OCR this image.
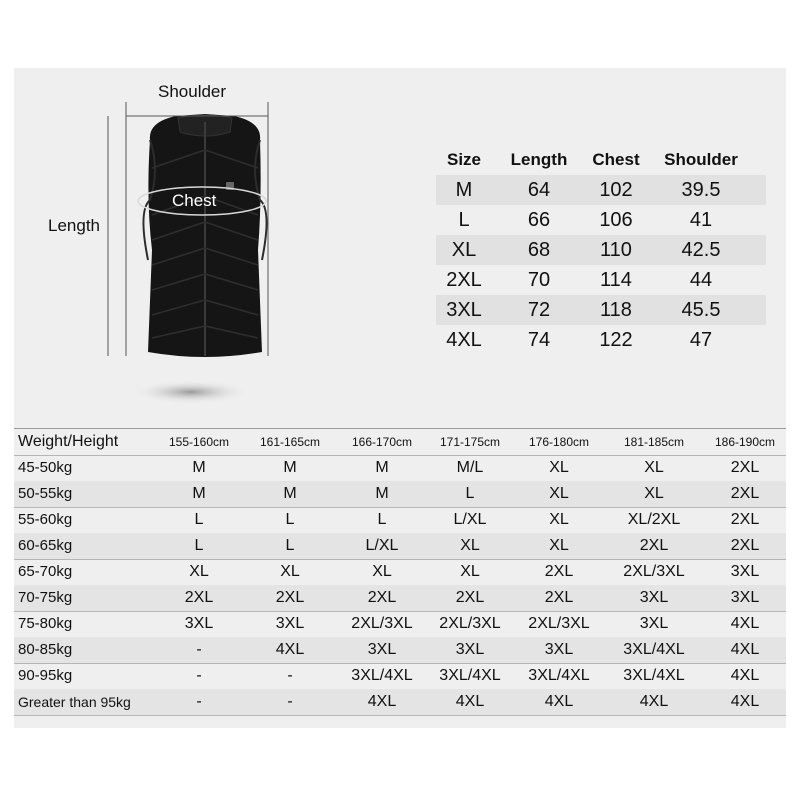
Shoulder
Length
Chest
Size	Length	Chest	Shoulder
M	64	102	39.5
L	66	106	41
XL	68	110	42.5
2XL	70	114	44
3XL	72	118	45.5
4XL	74	122	47
Weight/Height	155-160cm	161-165cm	166-170cm	171-175cm	176-180cm	181-185cm	186-190cm
45-50kg	M	M	M	M/L	XL	XL	2XL
50-55kg	M	M	M	L	XL	XL	2XL
55-60kg	L	L	L	L/XL	XL	XL/2XL	2XL
60-65kg	L	L	L/XL	XL	XL	2XL	2XL
65-70kg	XL	XL	XL	XL	2XL	2XL/3XL	3XL
70-75kg	2XL	2XL	2XL	2XL	2XL	3XL	3XL
75-80kg	3XL	3XL	2XL/3XL	2XL/3XL	2XL/3XL	3XL	4XL
80-85kg	-	4XL	3XL	3XL	3XL	3XL/4XL	4XL
90-95kg	-	-	3XL/4XL	3XL/4XL	3XL/4XL	3XL/4XL	4XL
Greater than 95kg	-	-	4XL	4XL	4XL	4XL	4XL
